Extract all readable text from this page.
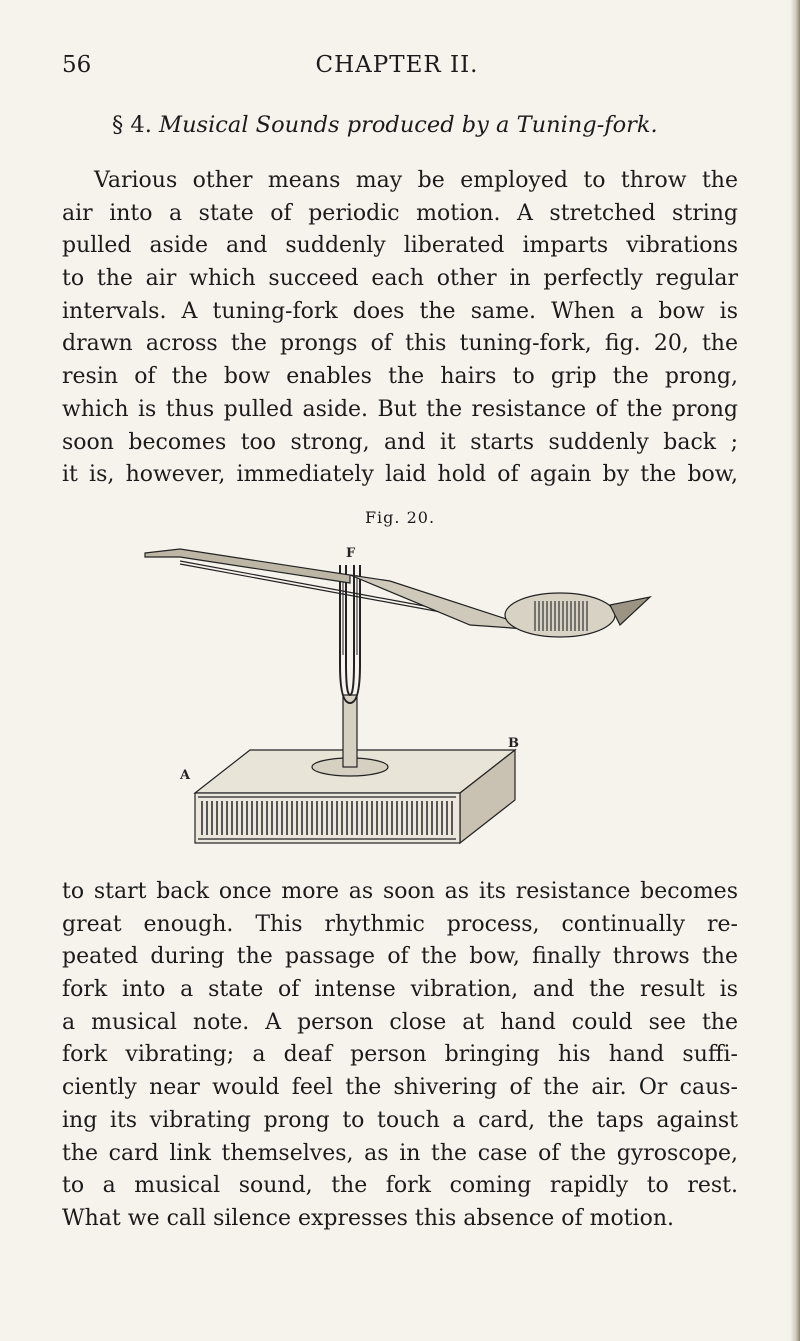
56	CHAPTER II.
§ 4. Musical Sounds produced by a Tuning-fork.
Various other means may be employed to throw the
air into a state of periodic motion. A stretched string
pulled aside and suddenly liberated imparts vibrations
to the air which succeed each other in perfectly regular
intervals. A tuning-fork does the same. When a bow is
drawn across the prongs of this tuning-fork, fig. 20, the
resin of the bow enables the hairs to grip the prong,
which is thus pulled aside. But the resistance of the prong
soon becomes too strong, and it starts suddenly back ;
it is, however, immediately laid hold of again by the bow,
Fig. 20.
F
A
B
to start back once more as soon as its resistance becomes
great enough. This rhythmic process, continually re-
peated during the passage of the bow, finally throws the
fork into a state of intense vibration, and the result is
a musical note. A person close at hand could see the
fork vibrating; a deaf person bringing his hand suffi-
ciently near would feel the shivering of the air. Or caus-
ing its vibrating prong to touch a card, the taps against
the card link themselves, as in the case of the gyroscope,
to a musical sound, the fork coming rapidly to rest.
What we call silence expresses this absence of motion.
